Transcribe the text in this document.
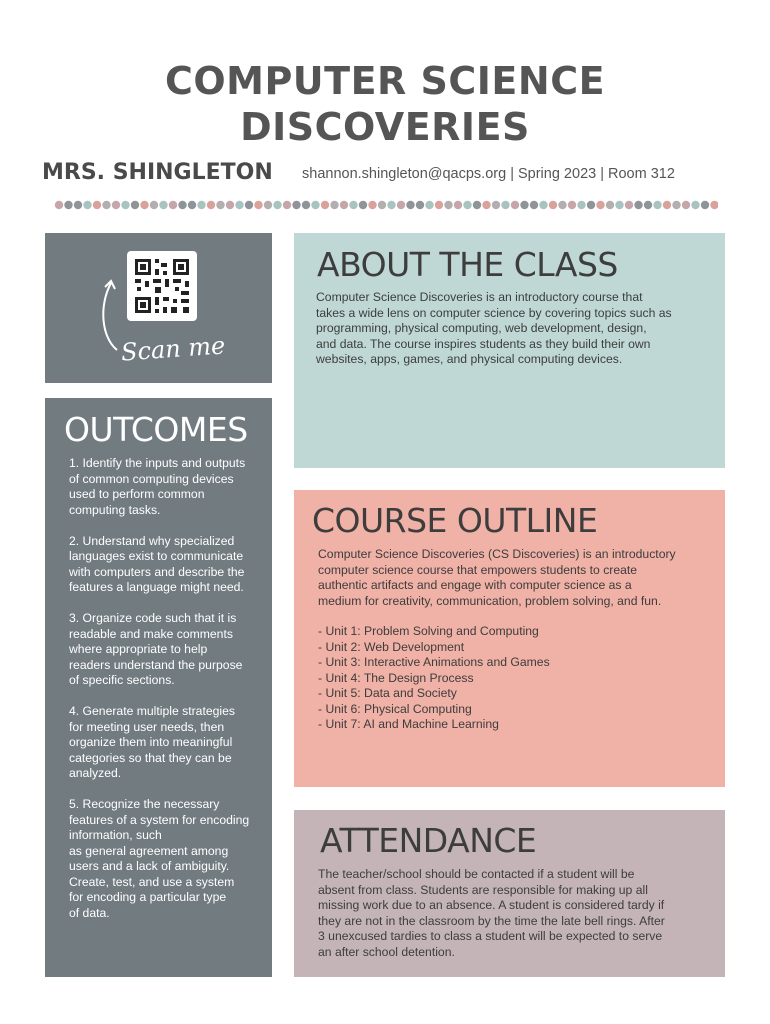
COMPUTER SCIENCE
DISCOVERIES
MRS. SHINGLETON shannon.shingleton@qacps.org | Spring 2023 | Room 312
Scan me
OUTCOMES
1. Identify the inputs and outputs
of common computing devices
used to perform common
computing tasks.
2. Understand why specialized
languages exist to communicate
with computers and describe the
features a language might need.
3. Organize code such that it is
readable and make comments
where appropriate to help
readers understand the purpose
of specific sections.
4. Generate multiple strategies
for meeting user needs, then
organize them into meaningful
categories so that they can be
analyzed.
5. Recognize the necessary
features of a system for encoding
information, such
as general agreement among
users and a lack of ambiguity.
Create, test, and use a system
for encoding a particular type
of data.
ABOUT THE CLASS

Computer Science Discoveries is an introductory course that
takes a wide lens on computer science by covering topics such as
programming, physical computing, web development, design,
and data. The course inspires students as they build their own
websites, apps, games, and physical computing devices.

COURSE OUTLINE

Computer Science Discoveries (CS Discoveries) is an introductory
computer science course that empowers students to create
authentic artifacts and engage with computer science as a
medium for creativity, communication, problem solving, and fun.

- Unit 1: Problem Solving and Computing
- Unit 2: Web Development
- Unit 3: Interactive Animations and Games
- Unit 4: The Design Process
- Unit 5: Data and Society
- Unit 6: Physical Computing
- Unit 7: AI and Machine Learning
ATTENDANCE

The teacher/school should be contacted if a student will be
absent from class. Students are responsible for making up all
missing work due to an absence. A student is considered tardy if
they are not in the classroom by the time the late bell rings. After
3 unexcused tardies to class a student will be expected to serve
an after school detention.
